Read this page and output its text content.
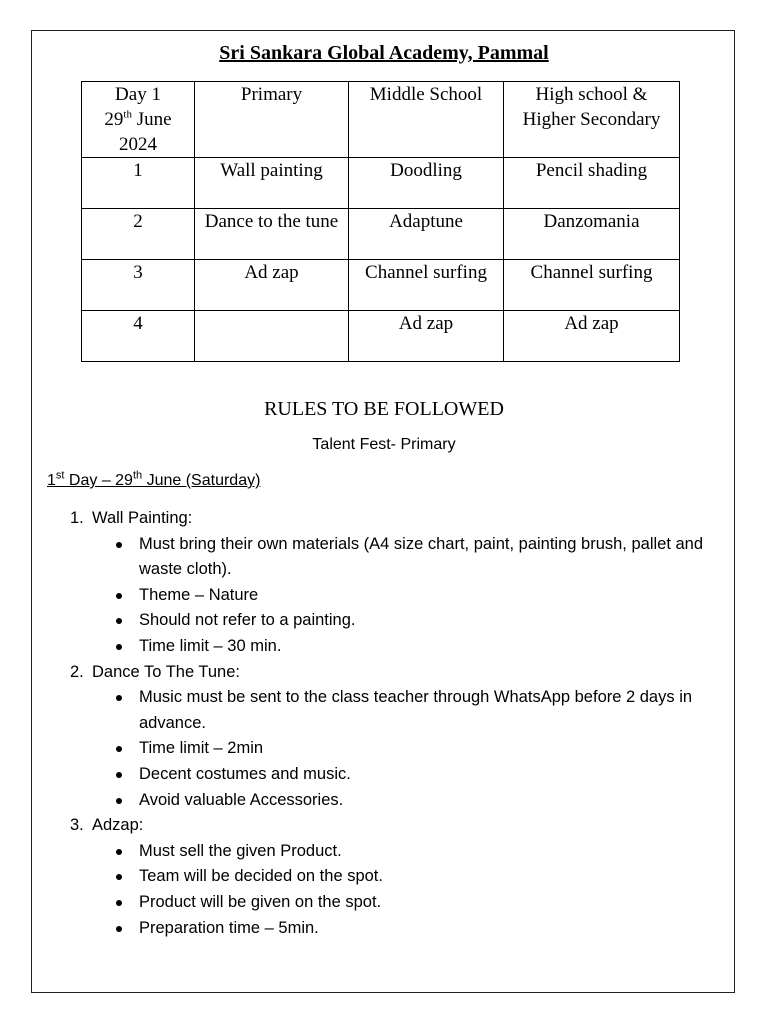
Sri Sankara Global Academy, Pammal
Day 1
29th June
2024	Primary	Middle School	High school & Higher Secondary
1	Wall painting	Doodling	Pencil shading
2	Dance to the tune	Adaptune	Danzomania
3	Ad zap	Channel surfing	Channel surfing
4		Ad zap	Ad zap
RULES TO BE FOLLOWED
Talent Fest- Primary
1st Day – 29th June (Saturday)
1. Wall Painting:
Must bring their own materials (A4 size chart, paint, painting brush, pallet and waste cloth).
Theme – Nature
Should not refer to a painting.
Time limit – 30 min.
2. Dance To The Tune:
Music must be sent to the class teacher through WhatsApp before 2 days in advance.
Time limit – 2min
Decent costumes and music.
Avoid valuable Accessories.
3. Adzap:
Must sell the given Product.
Team will be decided on the spot.
Product will be given on the spot.
Preparation time – 5min.
